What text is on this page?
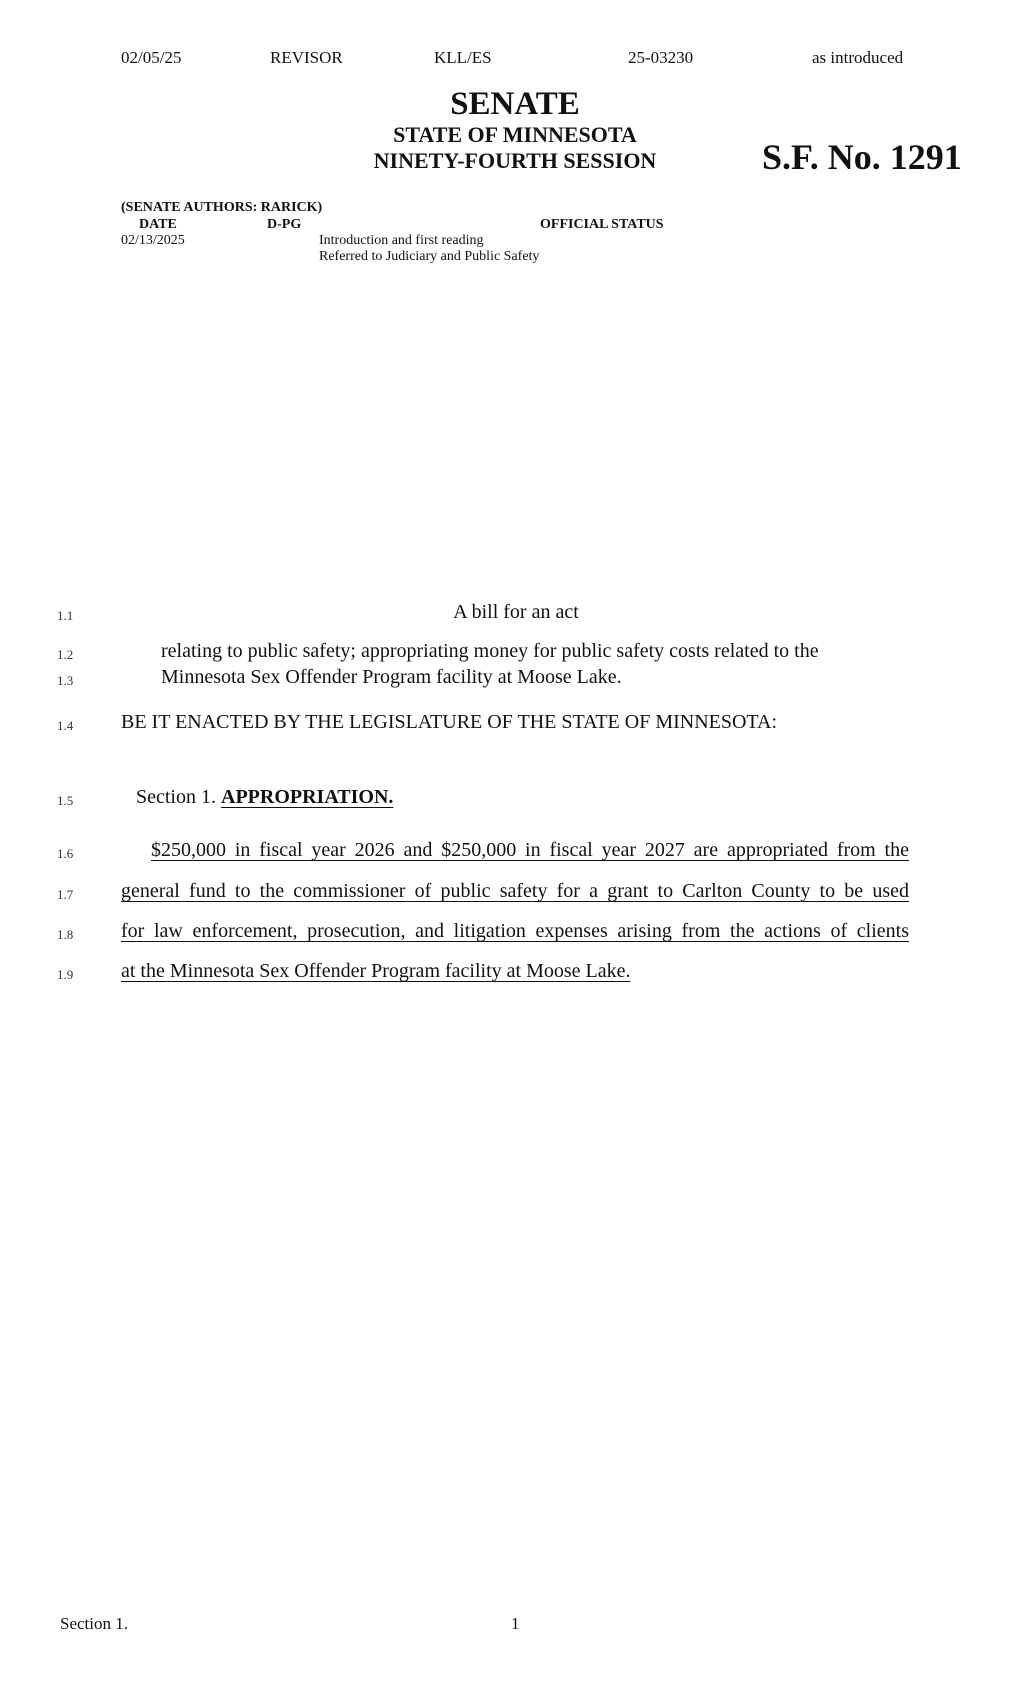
02/05/25	REVISOR	KLL/ES	25-03230	as introduced
SENATE
STATE OF MINNESOTA
NINETY-FOURTH SESSION	S.F. No. 1291
(SENATE AUTHORS: RARICK)
DATE	D-PG	OFFICIAL STATUS
02/13/2025	Introduction and first reading
Referred to Judiciary and Public Safety
1.1
1.2
1.3
1.4
1.5
1.6
1.7
1.8
1.9
A bill for an act
relating to public safety; appropriating money for public safety costs related to the
Minnesota Sex Offender Program facility at Moose Lake.
BE IT ENACTED BY THE LEGISLATURE OF THE STATE OF MINNESOTA:
Section 1. APPROPRIATION.
$250,000 in fiscal year 2026 and $250,000 in fiscal year 2027 are appropriated from the
general fund to the commissioner of public safety for a grant to Carlton County to be used
for law enforcement, prosecution, and litigation expenses arising from the actions of clients
at the Minnesota Sex Offender Program facility at Moose Lake.
Section 1.	1
